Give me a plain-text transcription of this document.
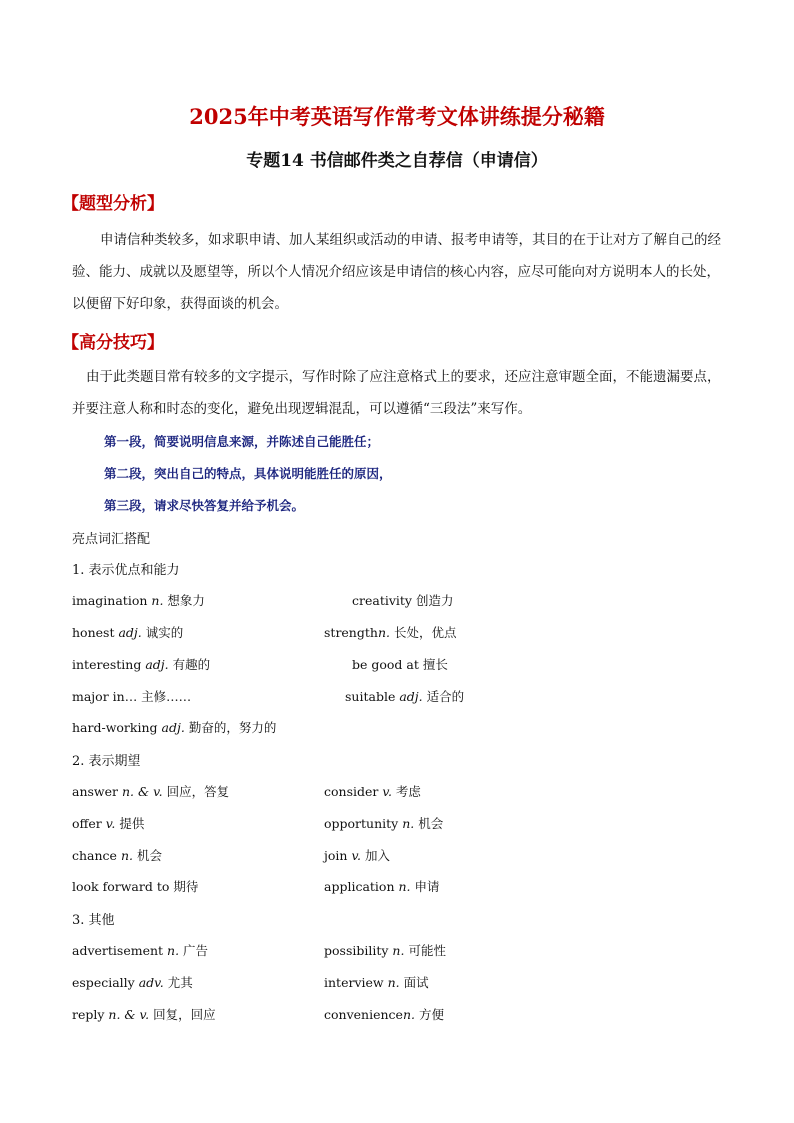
2025年中考英语写作常考文体讲练提分秘籍
专题14 书信邮件类之自荐信（申请信）
【题型分析】
申请信种类较多，如求职申请、加人某组织或活动的申请、报考申请等，其目的在于让对方了解自己的经验、能力、成就以及愿望等，所以个人情况介绍应该是申请信的核心内容，应尽可能向对方说明本人的长处，以便留下好印象，获得面谈的机会。
【高分技巧】
由于此类题目常有较多的文字提示，写作时除了应注意格式上的要求，还应注意审题全面，不能遗漏要点，并要注意人称和时态的变化，避免出现逻辑混乱，可以遵循“三段法”来写作。
第一段，简要说明信息来源，并陈述自己能胜任；
第二段，突出自己的特点，具体说明能胜任的原因，
第三段，请求尽快答复并给予机会。
亮点词汇搭配
1. 表示优点和能力
imagination n. 想象力	creativity 创造力
honest adj. 诚实的	strengthn. 长处，优点
interesting adj. 有趣的	be good at 擅长
major in… 主修……	suitable adj. 适合的
hard-working adj. 勤奋的，努力的
2. 表示期望
answer n. & v. 回应，答复	consider v. 考虑
offer v. 提供	opportunity n. 机会
chance n. 机会	join v. 加入
look forward to 期待	application n. 申请
3. 其他
advertisement n. 广告	possibility n. 可能性
especially adv. 尤其	interview n. 面试
reply n. & v. 回复，回应	conveniencen. 方便
